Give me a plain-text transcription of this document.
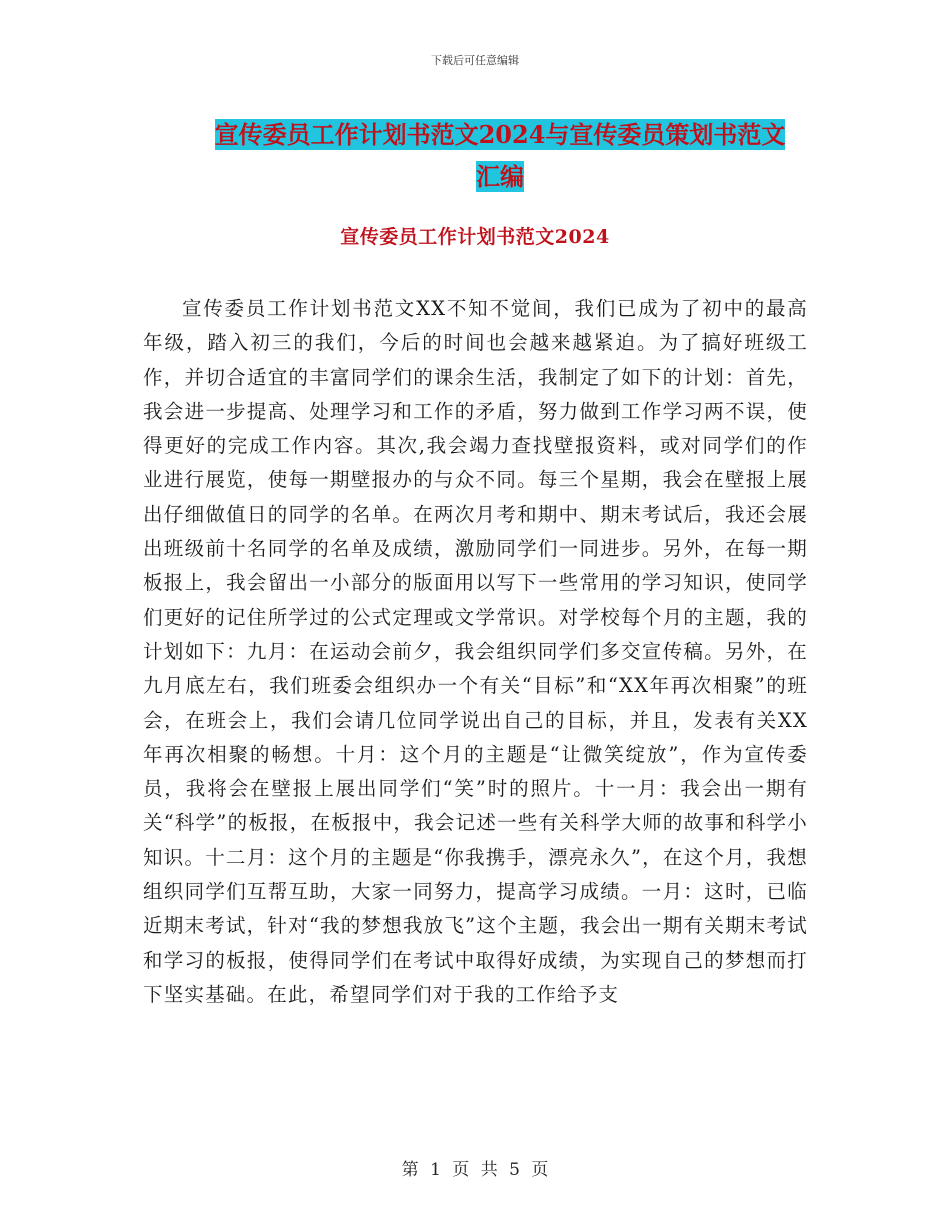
下载后可任意编辑
宣传委员工作计划书范文2024与宣传委员策划书范文
汇编
宣传委员工作计划书范文2024

宣传委员工作计划书范文XX不知不觉间，我们已成为了初中的最高年级，踏入初三的我们，今后的时间也会越来越紧迫。为了搞好班级工作，并切合适宜的丰富同学们的课余生活，我制定了如下的计划：首先，我会进一步提高、处理学习和工作的矛盾，努力做到工作学习两不误，使得更好的完成工作内容。其次,我会竭力查找壁报资料，或对同学们的作业进行展览，使每一期壁报办的与众不同。每三个星期，我会在壁报上展出仔细做值日的同学的名单。在两次月考和期中、期末考试后，我还会展出班级前十名同学的名单及成绩，激励同学们一同进步。另外，在每一期板报上，我会留出一小部分的版面用以写下一些常用的学习知识，使同学们更好的记住所学过的公式定理或文学常识。对学校每个月的主题，我的计划如下：九月：在运动会前夕，我会组织同学们多交宣传稿。另外，在九月底左右，我们班委会组织办一个有关“目标”和“XX年再次相聚”的班会，在班会上，我们会请几位同学说出自己的目标，并且，发表有关XX年再次相聚的畅想。十月：这个月的主题是“让微笑绽放”，作为宣传委员，我将会在壁报上展出同学们“笑”时的照片。十一月：我会出一期有关“科学”的板报，在板报中，我会记述一些有关科学大师的故事和科学小知识。十二月：这个月的主题是“你我携手，漂亮永久”，在这个月，我想组织同学们互帮互助，大家一同努力，提高学习成绩。一月：这时，已临近期末考试，针对“我的梦想我放飞”这个主题，我会出一期有关期末考试和学习的板报，使得同学们在考试中取得好成绩，为实现自己的梦想而打下坚实基础。在此，希望同学们对于我的工作给予支

第 1 页 共 5 页
